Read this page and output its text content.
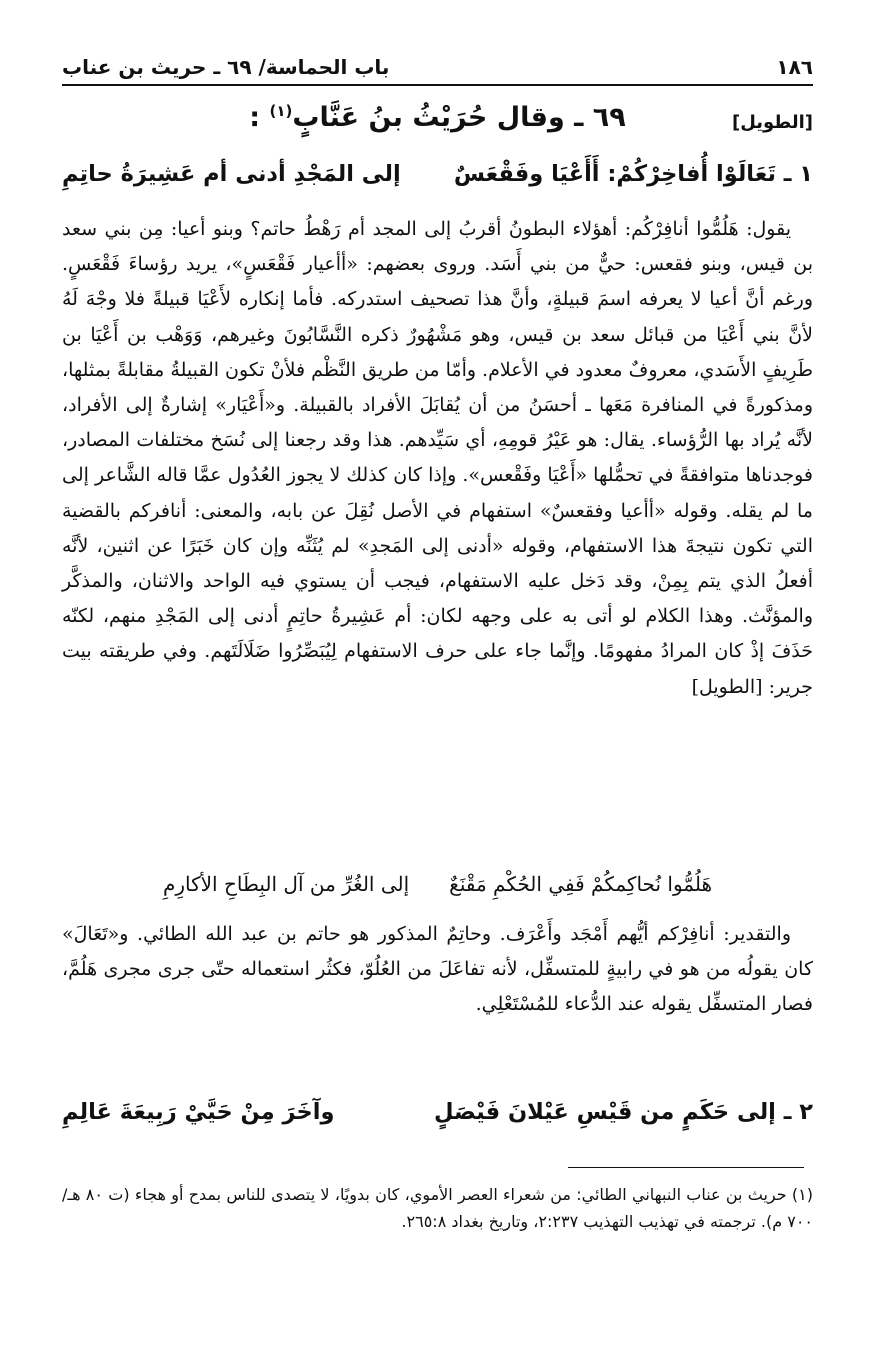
١٨٦
باب الحماسة/ ٦٩ ـ حريث بن عناب
[الطويل]
٦٩ ـ وقال حُرَيْثُ بنُ عَنَّابٍ$^{(١)}$ :
١ ـ تَعَالَوْا أُفاخِرْكُمْ: أَأَعْيَا وفَقْعَسٌ
إلى المَجْدِ أدنى أم عَشِيرَةُ حاتِمِ

يقول: هَلُمُّوا أنافِرْكُم: أهؤلاء البطونُ أقربُ إلى المجد أم رَهْطُ حاتم؟ وبنو أعيا: مِن بني سعد بن قيس، وبنو فقعس: حيٌّ من بني أَسَد. وروى بعضهم: «أأعيار فَقْعَسٍ»، يريد رؤساءَ فَقْعَسٍ. ورغم أنَّ أعيا لا يعرفه اسمَ قبيلةٍ، وأنَّ هذا تصحيف استدركه. فأما إنكاره لأَعْيَا قبيلةً فلا وجْهَ لَهُ لأنَّ بني أَعْيَا من قبائل سعد بن قيس، وهو مَشْهُورٌ ذكره النَّسَّابُونَ وغيرهم، وَوَهْب بن أَعْيَا بن طَرِيفٍ الأَسَدي، معروفٌ معدود في الأعلام. وأمّا من طريق النَّظْم فلأنْ تكون القبيلةُ مقابلةً بمثلها، ومذكورةً في المنافرة مَعَها ـ أحسَنُ من أن يُقابَلَ الأفراد بالقبيلة. و«أَعْيَار» إشارةٌ إلى الأفراد، لأنَّه يُراد بها الرُّؤساء. يقال: هو عَيْرُ قومِهِ، أي سَيِّدهم. هذا وقد رجعنا إلى نُسَخ مختلفات المصادر، فوجدناها متوافقةً في تحمُّلها «أَعْيَا وفَقْعس». وإذا كان كذلك لا يجوز العُدُول عمَّا قاله الشَّاعر إلى ما لم يقله. وقوله «أأعيا وفقعسٌ» استفهام في الأصل نُقِلَ عن بابه، والمعنى: أنافركم بالقضية التي تكون نتيجةَ هذا الاستفهام، وقوله «أدنى إلى المَجدِ» لم يُثَنِّه وإن كان خَبَرًا عن اثنين، لأنَّه أفعلُ الذي يتم بِمِنْ، وقد دَخل عليه الاستفهام، فيجب أن يستوي فيه الواحد والاثنان، والمذكَّر والمؤنَّث. وهذا الكلام لو أتى به على وجهه لكان: أم عَشِيرةُ حاتِمٍ أدنى إلى المَجْدِ منهم، لكنّه حَذَفَ إذْ كان المرادُ مفهومًا. وإنَّما جاء على حرف الاستفهام لِيُبَصِّرُوا ضَلَالَتَهم. وفي طريقته بيت جرير: [الطويل]

هَلُمُّوا نُحاكِمكُمْ فَفِي الحُكْمِ مَقْنَعٌ
إلى الغُرِّ من آل البِطَاحِ الأكارِمِ

والتقدير: أنافِرْكم أيُّهم أَمْجَد وأَعْرَف. وحاتِمٌ المذكور هو حاتم بن عبد الله الطائي. و«تَعَالَ» كان يقولُه من هو في رابيةٍ للمتسفِّل، لأنه تفاعَلَ من العُلُوّ، فكثُر استعماله حتّى جرى مجرى هَلُمَّ، فصار المتسفِّل يقوله عند الدُّعاء للمُسْتَعْلِي.

٢ ـ إلى حَكَمٍ من قَيْسِ عَيْلانَ فَيْصَلٍ
وآخَرَ مِنْ حَيَّيْ رَبِيعَةَ عَالِمِ

(١) حريث بن عناب النبهاني الطائي: من شعراء العصر الأموي، كان بدويًا، لا يتصدى للناس بمدح أو هجاء (ت ٨٠ هـ/ ٧٠٠ م). ترجمته في تهذيب التهذيب ٢:٢٣٧، وتاريخ بغداد ٢٦٥:٨.
